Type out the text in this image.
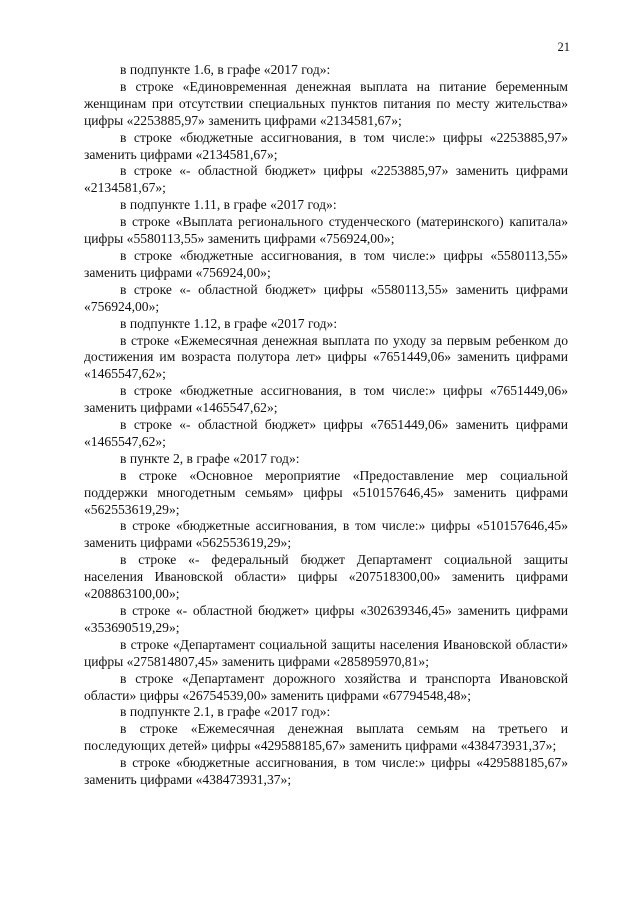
21

в подпункте 1.6, в графе «2017 год»:

в строке «Единовременная денежная выплата на питание беременным женщинам при отсутствии специальных пунктов питания по месту жительства» цифры «2253885,97» заменить цифрами «2134581,67»;

в строке «бюджетные ассигнования, в том числе:» цифры «2253885,97» заменить цифрами «2134581,67»;

в строке «- областной бюджет» цифры «2253885,97» заменить цифрами «2134581,67»;

в подпункте 1.11, в графе «2017 год»:

в строке «Выплата регионального студенческого (материнского) капитала» цифры «5580113,55» заменить цифрами «756924,00»;

в строке «бюджетные ассигнования, в том числе:» цифры «5580113,55» заменить цифрами «756924,00»;

в строке «- областной бюджет» цифры «5580113,55» заменить цифрами «756924,00»;

в подпункте 1.12, в графе «2017 год»:

в строке «Ежемесячная денежная выплата по уходу за первым ребенком до достижения им возраста полутора лет» цифры «7651449,06» заменить цифрами «1465547,62»;

в строке «бюджетные ассигнования, в том числе:» цифры «7651449,06» заменить цифрами «1465547,62»;

в строке «- областной бюджет» цифры «7651449,06» заменить цифрами «1465547,62»;

в пункте 2, в графе «2017 год»:

в строке «Основное мероприятие «Предоставление мер социальной поддержки многодетным семьям» цифры «510157646,45» заменить цифрами «562553619,29»;

в строке «бюджетные ассигнования, в том числе:» цифры «510157646,45» заменить цифрами «562553619,29»;

в строке «- федеральный бюджет Департамент социальной защиты населения Ивановской области» цифры «207518300,00» заменить цифрами «208863100,00»;

в строке «- областной бюджет» цифры «302639346,45» заменить цифрами «353690519,29»;

в строке «Департамент социальной защиты населения Ивановской области» цифры «275814807,45» заменить цифрами «285895970,81»;

в строке «Департамент дорожного хозяйства и транспорта Ивановской области» цифры «26754539,00» заменить цифрами «67794548,48»;

в подпункте 2.1, в графе «2017 год»:

в строке «Ежемесячная денежная выплата семьям на третьего и последующих детей» цифры «429588185,67» заменить цифрами «438473931,37»;

в строке «бюджетные ассигнования, в том числе:» цифры «429588185,67» заменить цифрами «438473931,37»;
